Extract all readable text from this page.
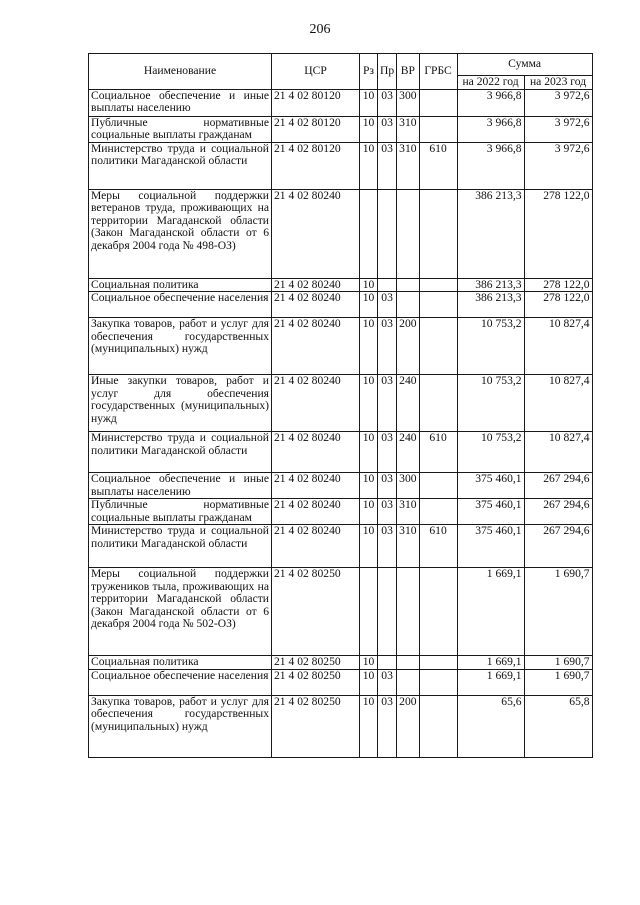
206
Наименование	ЦСР	Рз	Пр	ВР	ГРБС	Сумма	
						на 2022 год	на 2023 год
Социальное обеспечение и иные выплаты населению	21 4 02 80120	10	03	300		3 966,8	3 972,6
Публичные нормативные социальные выплаты гражданам	21 4 02 80120	10	03	310		3 966,8	3 972,6
Министерство труда и социальной политики Магаданской области	21 4 02 80120	10	03	310	610	3 966,8	3 972,6
Меры социальной поддержки ветеранов труда, проживающих на территории Магаданской области (Закон Магаданской области от 6 декабря 2004 года № 498-ОЗ)	21 4 02 80240					386 213,3	278 122,0
Социальная политика	21 4 02 80240	10				386 213,3	278 122,0
Социальное обеспечение населения	21 4 02 80240	10	03			386 213,3	278 122,0
Закупка товаров, работ и услуг для обеспечения государственных (муниципальных) нужд	21 4 02 80240	10	03	200		10 753,2	10 827,4
Иные закупки товаров, работ и услуг для обеспечения государственных (муниципальных) нужд	21 4 02 80240	10	03	240		10 753,2	10 827,4
Министерство труда и социальной политики Магаданской области	21 4 02 80240	10	03	240	610	10 753,2	10 827,4
Социальное обеспечение и иные выплаты населению	21 4 02 80240	10	03	300		375 460,1	267 294,6
Публичные нормативные социальные выплаты гражданам	21 4 02 80240	10	03	310		375 460,1	267 294,6
Министерство труда и социальной политики Магаданской области	21 4 02 80240	10	03	310	610	375 460,1	267 294,6
Меры социальной поддержки тружеников тыла, проживающих на территории Магаданской области (Закон Магаданской области от 6 декабря 2004 года № 502-ОЗ)	21 4 02 80250					1 669,1	1 690,7
Социальная политика	21 4 02 80250	10				1 669,1	1 690,7
Социальное обеспечение населения	21 4 02 80250	10	03			1 669,1	1 690,7
Закупка товаров, работ и услуг для обеспечения государственных (муниципальных) нужд	21 4 02 80250	10	03	200		65,6	65,8
